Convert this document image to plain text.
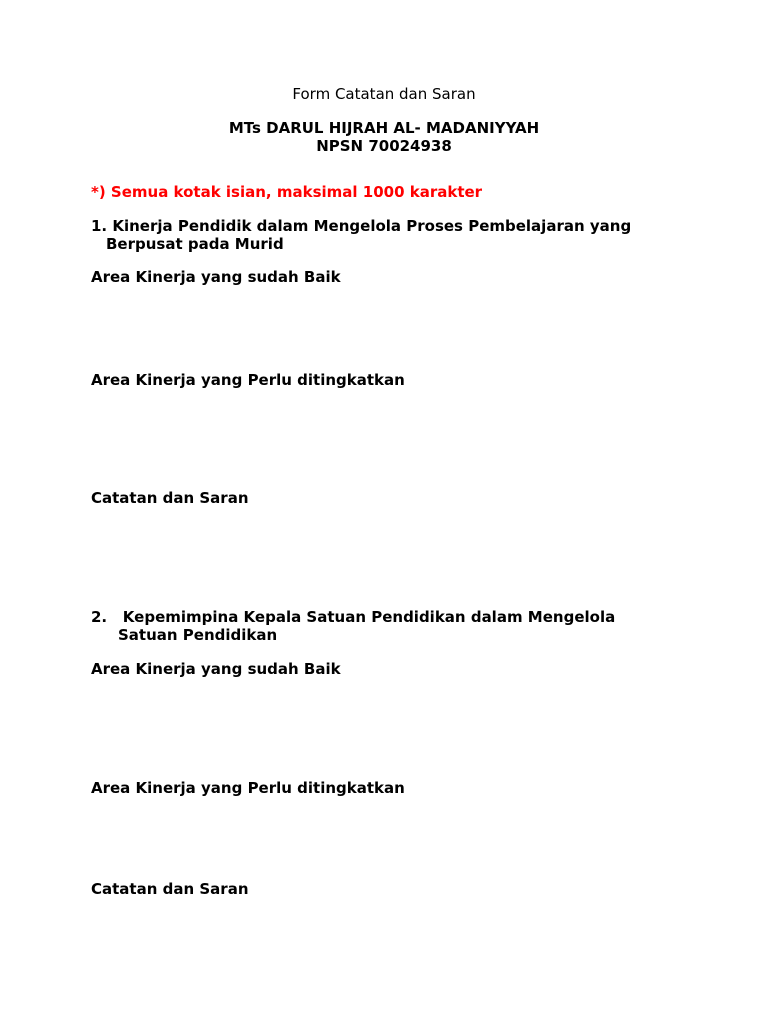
Form Catatan dan Saran
MTs DARUL HIJRAH AL- MADANIYYAH
NPSN 70024938
*) Semua kotak isian, maksimal 1000 karakter
1. Kinerja Pendidik dalam Mengelola Proses Pembelajaran yang
Berpusat pada Murid
Area Kinerja yang sudah Baik
Area Kinerja yang Perlu ditingkatkan
Catatan dan Saran
2.   Kepemimpina Kepala Satuan Pendidikan dalam Mengelola
Satuan Pendidikan
Area Kinerja yang sudah Baik
Area Kinerja yang Perlu ditingkatkan
Catatan dan Saran
